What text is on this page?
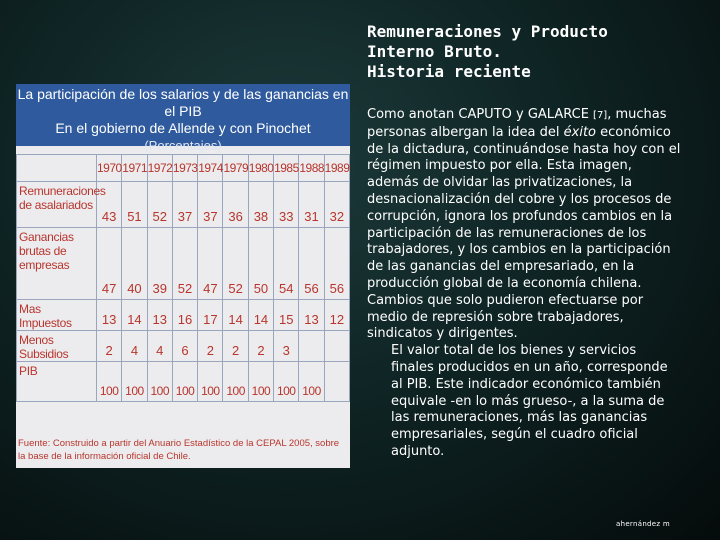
La participación de los salarios y de las ganancias en el PIB
En el gobierno de Allende y con Pinochet
(Porcentajes)
	1970	1971	1972	1973	1974	1979	1980	1985	1988	1989
Remuneraciones de asalariados	43	51	52	37	37	36	38	33	31	32
Ganancias brutas de empresas	47	40	39	52	47	52	50	54	56	56
Mas Impuestos	13	14	13	16	17	14	14	15	13	12
Menos Subsidios	2	4	4	6	2	2	2	3		
PIB	100	100	100	100	100	100	100	100	100	
Fuente: Construido a partir del Anuario Estadístico de la CEPAL 2005, sobre la base de la información oficial de Chile.
Remuneraciones y Producto
Interno Bruto.
Historia reciente

Como anotan CAPUTO y GALARCE [7], muchas personas albergan la idea del éxito económico de la dictadura, continuándose hasta hoy con el régimen impuesto por ella. Esta imagen, además de olvidar las privatizaciones, la desnacionalización del cobre y los procesos de corrupción, ignora los profundos cambios en la participación de las remuneraciones de los trabajadores, y los cambios en la participación de las ganancias del empresariado, en la producción global de la economía chilena. Cambios que solo pudieron efectuarse por medio de represión sobre trabajadores, sindicatos y dirigentes.

El valor total de los bienes y servicios finales producidos en un año, corresponde al PIB. Este indicador económico también equivale -en lo más grueso-, a la suma de las remuneraciones, más las ganancias empresariales, según el cuadro oficial adjunto.

ahernández m
